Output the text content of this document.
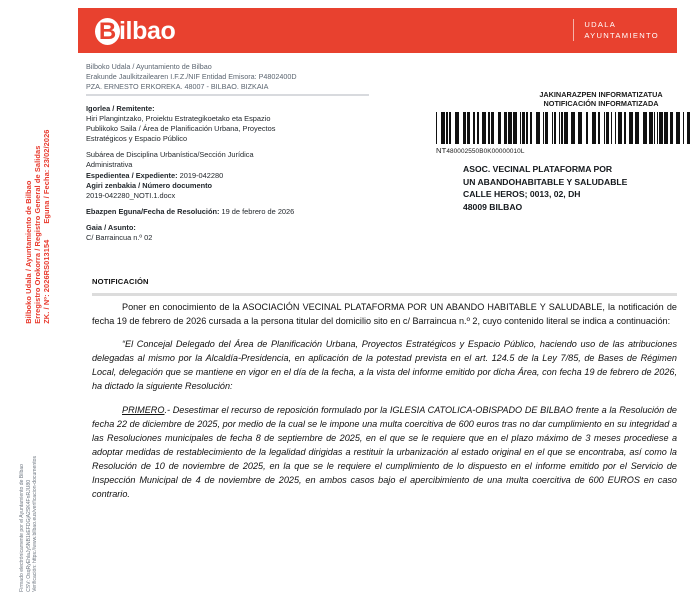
Bilboko Udala / Ayuntamiento de Bilbao Erregistro Orokorra / Registro General de Salidas ZK. / Nº: 2026RS013154Eguna / Fecha: 23/02/2026
Firmado electrónicamente por el Ayuntamiento de Bilbao CSV: OsqRyEhlaJy5NB1kEFDGjA2SK4FnRJU80 Verificación: https://www.bilbao.eus/verificacion-documentos
B ilbao	UDALA
AYUNTAMIENTO
Bilboko Udala / Ayuntamiento de Bilbao
Erakunde Jaulkitzailearen I.F.Z./NIF Entidad Emisora: P4802400D
PZA. ERNESTO ERKOREKA. 48007 - BILBAO. BIZKAIA

Igorlea / Remitente:
Hiri Plangintzako, Proiektu Estrategikoetako eta Espazio
Publikoko Saila / Área de Planificación Urbana, Proyectos
Estratégicos y Espacio Público

Subárea de Disciplina Urbanística/Sección Jurídica
Administrativa
Espedientea / Expediente: 2019-042280
Agiri zenbakia / Número documento
2019-042280_NOTI.1.docx

Ebazpen Eguna/Fecha de Resolución: 19 de febrero de 2026

Gaia / Asunto:
C/ Barraincua n.º 02

JAKINARAZPEN INFORMATIZATUA
NOTIFICACIÓN INFORMATIZADA
NT480002550B0K00000010L
ASOC. VECINAL PLATAFORMA POR
UN ABANDOHABITABLE Y SALUDABLE
CALLE HEROS; 0013, 02, DH
48009 BILBAO
NOTIFICACIÓN

Poner en conocimiento de la ASOCIACIÓN VECINAL PLATAFORMA POR UN ABANDO HABITABLE Y SALUDABLE, la notificación de fecha 19 de febrero de 2026 cursada a la persona titular del domicilio sito en c/ Barraincua n.º 2, cuyo contenido literal se indica a continuación:

“El Concejal Delegado del Área de Planificación Urbana, Proyectos Estratégicos y Espacio Público, haciendo uso de las atribuciones delegadas al mismo por la Alcaldía-Presidencia, en aplicación de la potestad prevista en el art. 124.5 de la Ley 7/85, de Bases de Régimen Local, delegación que se mantiene en vigor en el día de la fecha, a la vista del informe emitido por dicha Área, con fecha 19 de febrero de 2026, ha dictado la siguiente Resolución:

PRIMERO.- Desestimar el recurso de reposición formulado por la IGLESIA CATOLICA-OBISPADO DE BILBAO frente a la Resolución de fecha 22 de diciembre de 2025, por medio de la cual se le impone una multa coercitiva de 600 euros tras no dar cumplimiento en su integridad a las Resoluciones municipales de fecha 8 de septiembre de 2025, en el que se le requiere que en el plazo máximo de 3 meses procediese a adoptar medidas de restablecimiento de la legalidad dirigidas a restituir la urbanización al estado original en el que se encontraba, así como la Resolución de 10 de noviembre de 2025, en la que se le requiere el cumplimiento de lo dispuesto en el informe emitido por el Servicio de Inspección Municipal de 4 de noviembre de 2025, en ambos casos bajo el apercibimiento de una multa coercitiva de 600 EUROS en caso contrario.
